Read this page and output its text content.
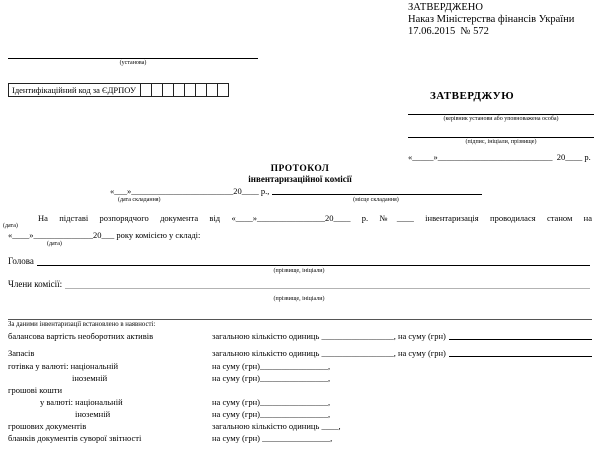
ЗАТВЕРДЖЕНО
Наказ Міністерства фінансів України
17.06.2015  № 572
(установа)
Ідентифікаційний код за ЄДРПОУ								
ЗАТВЕРДЖУЮ
(керівник установи або уповноважена особа)
(підпис, ініціали, прізвище)
«_____»___________________________  20____ р.
ПРОТОКОЛ
інвентаризаційної комісії
«___»________________________20____ р.,
(дата складання)	(місце складання)

На підставі розпорядчого документа від «____»________________20____ р. №____ інвентаризація проводилася станом на

(дата)
«____»______________20___ року комісією у складі:
(дата)
Голова
(прізвище, ініціали)
Члени комісії:
(прізвище, ініціали)
За даними інвентаризації встановлено в наявності:
балансова вартість необоротних активів	загальною кількістю одиниць _________________, на суму (грн)
Запасів	загальною кількістю одиниць _________________, на суму (грн)
готівка у валюті: національній	на суму (грн)________________,
іноземній	на суму (грн)________________,
грошові кошти
у валюті: національній	на суму (грн)________________,
іноземній	на суму (грн)________________,
грошових документів	загальною кількістю одиниць ____,
бланків документів суворої звітності	на суму (грн) ________________,
